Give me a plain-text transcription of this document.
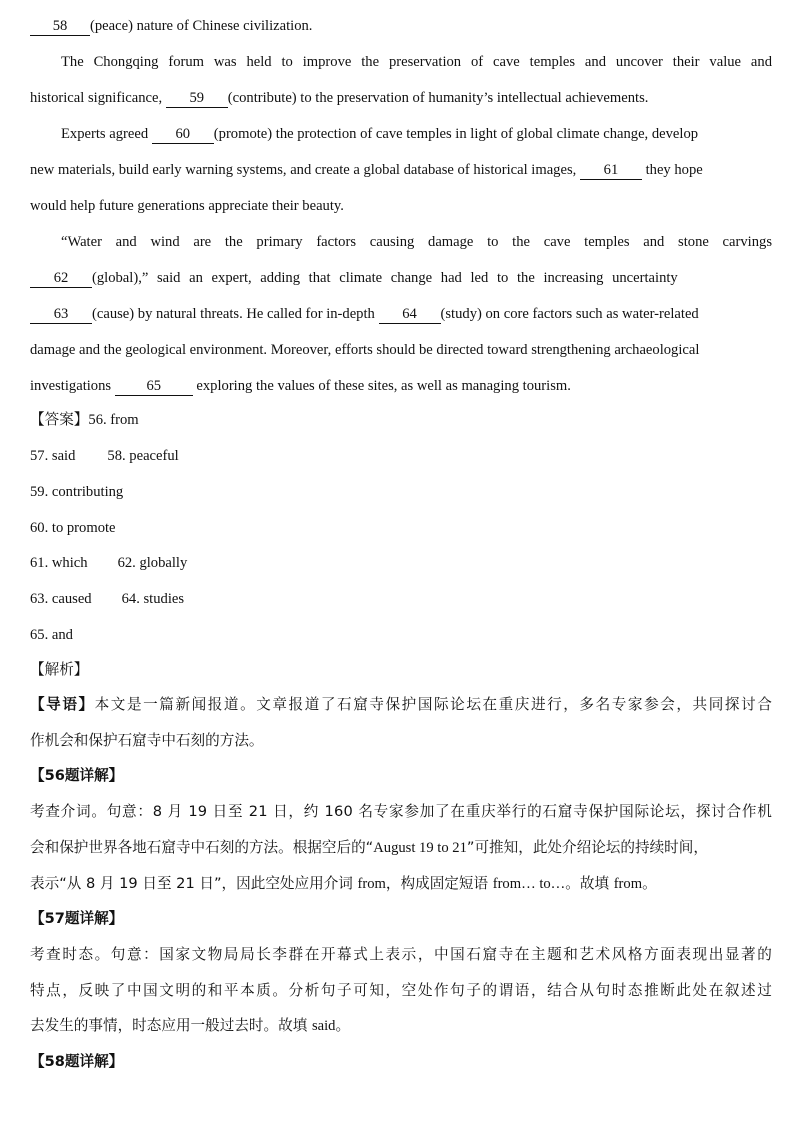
58 (peace) nature of Chinese civilization.
The Chongqing forum was held to improve the preservation of cave temples and uncover their value and
historical significance, 59 (contribute) to the preservation of humanity’s intellectual achievements.
Experts agreed 60 (promote) the protection of cave temples in light of global climate change, develop
new materials, build early warning systems, and create a global database of historical images, 61 they hope
would help future generations appreciate their beauty.
“Water and wind are the primary factors causing damage to the cave temples and stone carvings
62 (global),” said an expert, adding that climate change had led to the increasing uncertainty
63 (cause) by natural threats. He called for in-depth 64 (study) on core factors such as water-related
damage and the geological environment. Moreover, efforts should be directed toward strengthening archaeological
investigations 65 exploring the values of these sites, as well as managing tourism.
【答案】56. from
57. said 58. peaceful
59. contributing
60. to promote
61. which 62. globally
63. caused 64. studies
65. and
【解析】
【导语】本文是一篇新闻报道。文章报道了石窟寺保护国际论坛在重庆进行，多名专家参会，共同探讨合
作机会和保护石窟寺中石刻的方法。
【56题详解】
考查介词。句意：8 月 19 日至 21 日，约 160 名专家参加了在重庆举行的石窟寺保护国际论坛，探讨合作机
会和保护世界各地石窟寺中石刻的方法。根据空后的“August 19 to 21”可推知，此处介绍论坛的持续时间，
表示“从 8 月 19 日至 21 日”，因此空处应用介词 from，构成固定短语 from… to…。故填 from。
【57题详解】
考查时态。句意：国家文物局局长李群在开幕式上表示，中国石窟寺在主题和艺术风格方面表现出显著的
特点，反映了中国文明的和平本质。分析句子可知，空处作句子的谓语，结合从句时态推断此处在叙述过
去发生的事情，时态应用一般过去时。故填 said。
【58题详解】
